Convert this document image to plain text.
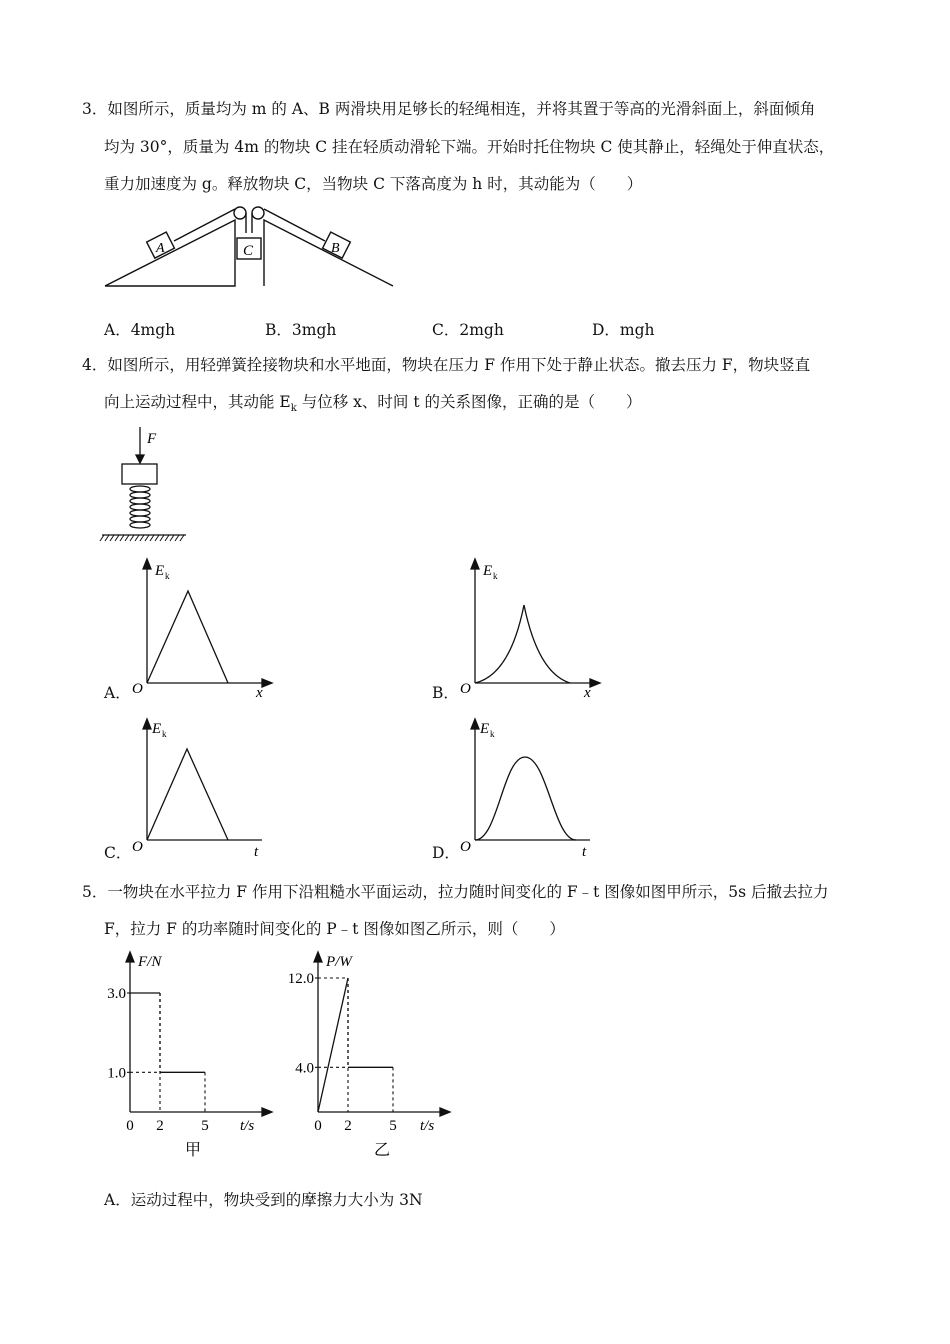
3．如图所示，质量均为 m 的 A、B 两滑块用足够长的轻绳相连，并将其置于等高的光滑斜面上，斜面倾角
均为 30°，质量为 4m 的物块 C 挂在轻质动滑轮下端。开始时托住物块 C 使其静止，轻绳处于伸直状态，
重力加速度为 g。释放物块 C，当物块 C 下落高度为 h 时，其动能为（　　）
A	B
C
A．4mgh	B．3mgh	C．2mgh	D．mgh
4．如图所示，用轻弹簧拴接物块和水平地面，物块在压力 F 作用下处于静止状态。撤去压力 F，物块竖直
向上运动过程中，其动能 $E_k$ 与位移 x、时间 t 的关系图像，正确的是（　　）
F
A．
E k
O	x	B．
E k
O	x
C．
E k
O	t	D．
E k
O	t
5．一物块在水平拉力 F 作用下沿粗糙水平面运动，拉力随时间变化的 F﹣t 图像如图甲所示，5s 后撤去拉力
F，拉力 F 的功率随时间变化的 P﹣t 图像如图乙所示，则（　　）
3.0
1.0
0 2	5
F/N
t/s
甲
12.0
4.0
0 2	5
P/W
t/s
乙
A．运动过程中，物块受到的摩擦力大小为 3N
